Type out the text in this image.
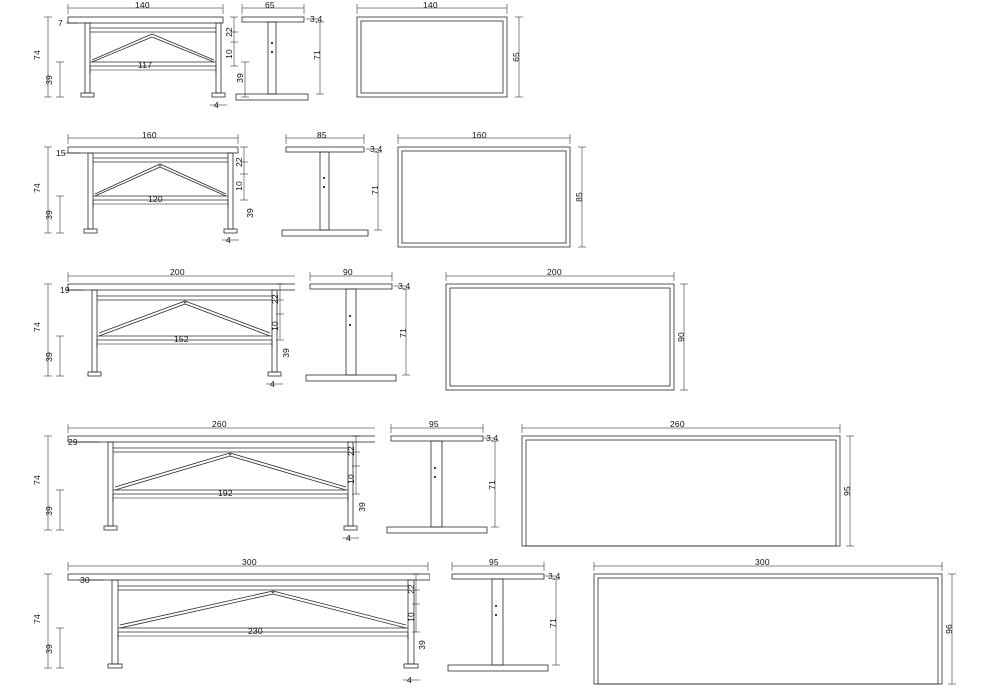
140
117
74
39
7
22
10
39
4
65
3,4
71
140
65
160
120
74
39
15
22
10
39
4
85
3,4
71
160
85
200
152
74
39
19
22
10
39
4
90
3,4
71
200
90
260
192
74
39
29
22
10
39
4
95
3,4
71
260
95
300
230
74
39
30
22
10
39
4
95
3,4
71
300
96
